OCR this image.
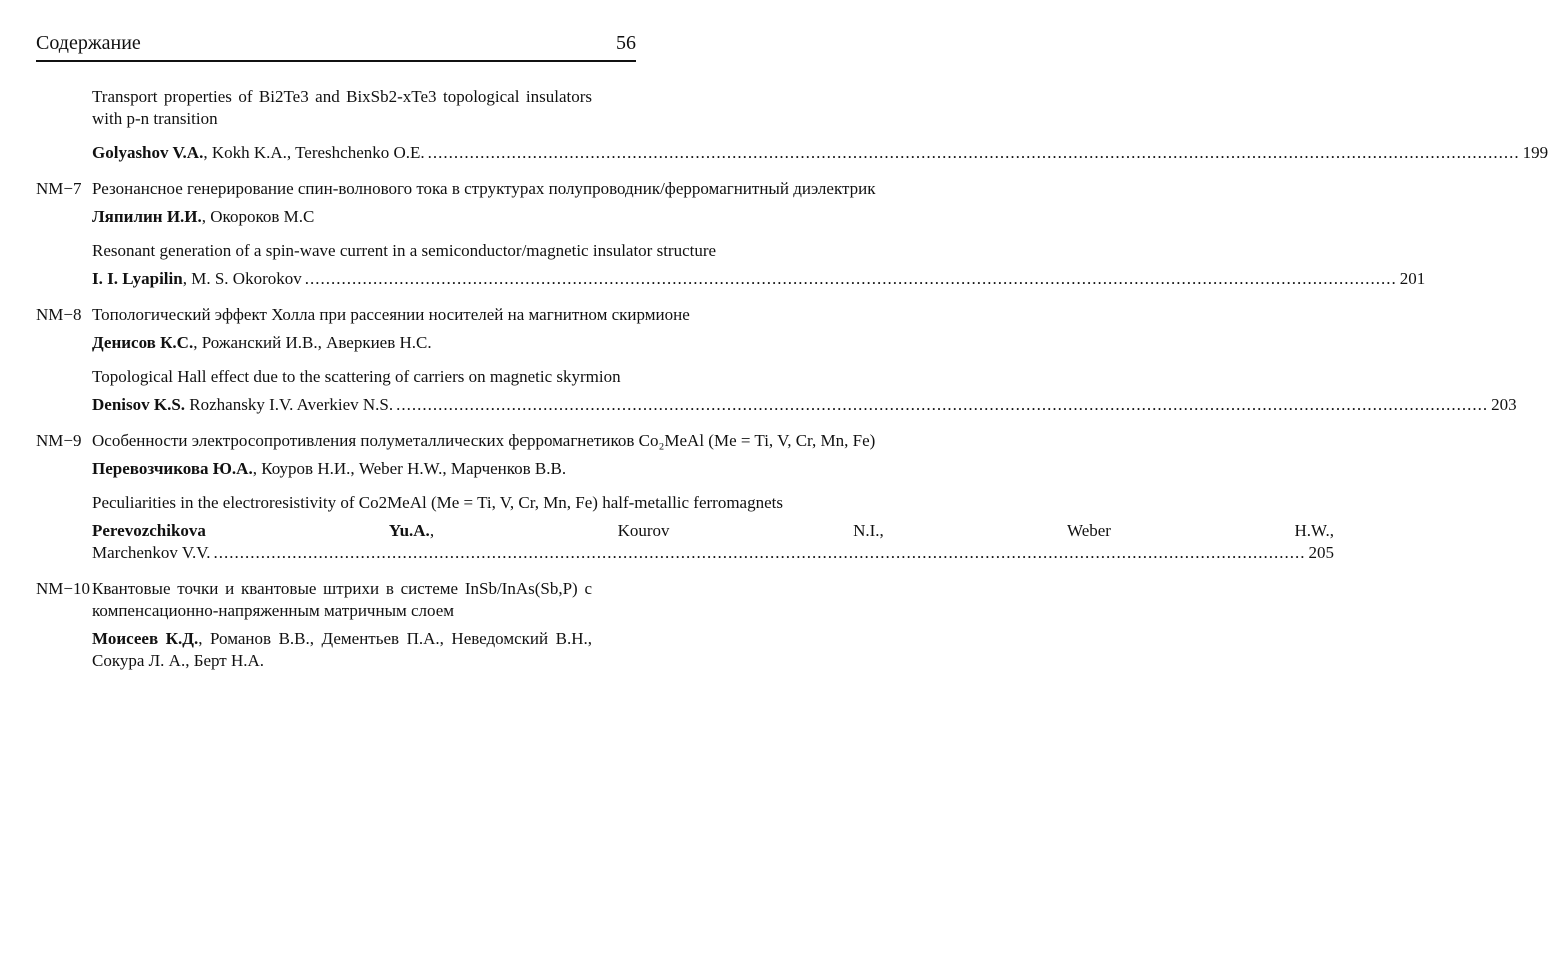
Содержание	56
Transport properties of Bi2Te3 and BixSb2-xTe3 topological insulators with p-n transition
Golyashov V.A., Kokh K.A., Tereshchenko O.E. .....	199
NM−7 Резонансное генерирование спин-волнового тока в структурах полупроводник/ферромагнитный диэлектрик
Ляпилин И.И., Окороков М.С
Resonant generation of a spin-wave current in a semiconductor/magnetic insulator structure
I. I. Lyapilin, M. S. Okorokov .....	201
NM−8 Топологический эффект Холла при рассеянии носителей на магнитном скирмионе
Денисов К.С., Рожанский И.В., Аверкиев Н.С.
Topological Hall effect due to the scattering of carriers on magnetic skyrmion
Denisov K.S. Rozhansky I.V. Averkiev N.S. .....	203
NM−9 Особенности электросопротивления полуметаллических ферромагнетиков Co₂MeAl (Me = Ti, V, Cr, Mn, Fe)
Перевозчикова Ю.А., Коуров Н.И., Weber H.W., Марченков В.В.
Peculiarities in the electroresistivity of Co2MeAl (Me = Ti, V, Cr, Mn, Fe) half-metallic ferromagnets
Perevozchikova Yu.A., Kourov N.I., Weber H.W.,
Marchenkov V.V. .....	205
NM−10 Квантовые точки и квантовые штрихи в системе InSb/InAs(Sb,P) с компенсационно-напряженным матричным слоем
Моисеев К.Д., Романов В.В., Дементьев П.А., Неведомский В.Н., Сокура Л. А., Берт Н.А.
